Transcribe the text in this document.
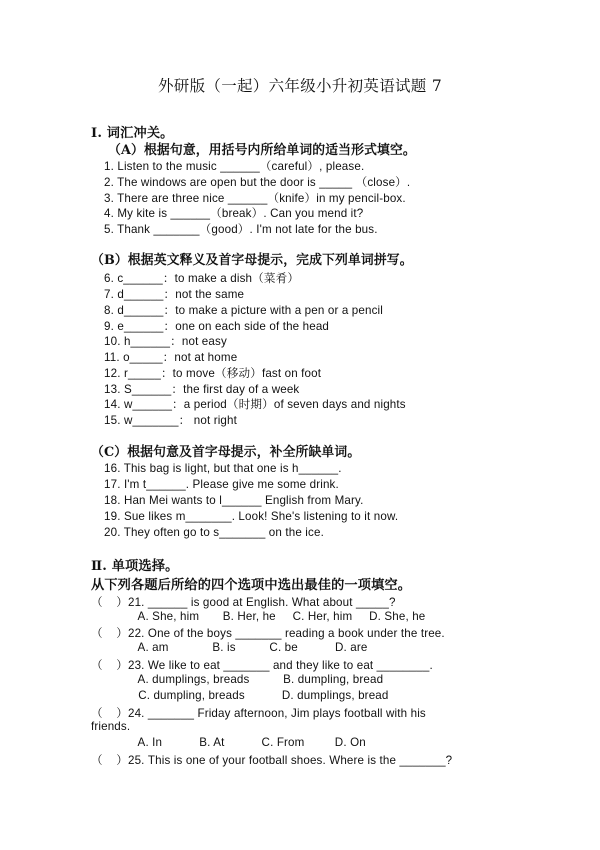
外研版（一起）六年级小升初英语试题 7
Ⅰ. 词汇冲关。
（A）根据句意，用括号内所给单词的适当形式填空。
1. Listen to the music ______（careful）, please.
2. The windows are open but the door is _____ （close）.
3. There are three nice ______（knife）in my pencil-box.
4. My kite is ______（break）. Can you mend it?
5. Thank _______（good）. I'm not late for the bus.
（B）根据英文释义及首字母提示，完成下列单词拼写。
6. c______：to make a dish（菜肴）
7. d______：not the same
8. d______：to make a picture with a pen or a pencil
9. e______：one on each side of the head
10. h______：not easy
11. o_____：not at home
12. r_____：to move（移动）fast on foot
13. S______：the first day of a week
14. w______：a period（时期）of seven days and nights
15. w_______： not right
（C）根据句意及首字母提示，补全所缺单词。
16. This bag is light, but that one is h______.
17. I'm t______. Please give me some drink.
18. Han Mei wants to l______ English from Mary.
19. Sue likes m_______. Look! She's listening to it now.
20. They often go to s_______ on the ice.
Ⅱ. 单项选择。
从下列各题后所给的四个选项中选出最佳的一项填空。
（    ）21. ______ is good at English. What about _____?
A. She, him       B. Her, he     C. Her, him     D. She, he
（    ）22. One of the boys _______ reading a book under the tree.
A. am             B. is          C. be           D. are
（    ）23. We like to eat _______ and they like to eat ________.
A. dumplings, breads          B. dumpling, bread
C. dumpling, breads           D. dumplings, bread
（    ）24. _______ Friday afternoon, Jim plays football with his
friends.
A. In           B. At           C. From         D. On
（    ）25. This is one of your football shoes. Where is the _______?
